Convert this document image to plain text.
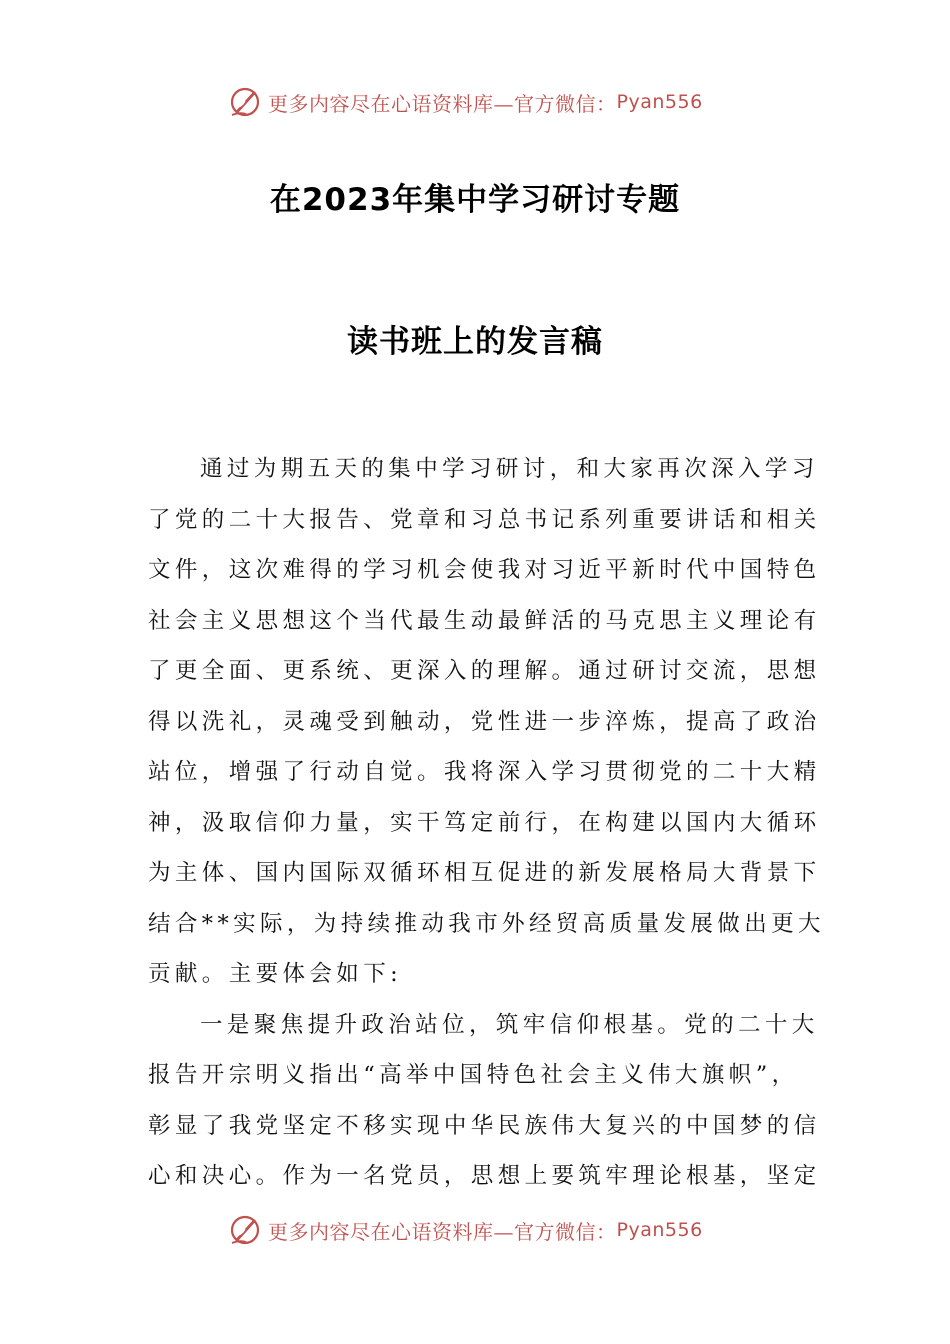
更多内容尽在心语资料库—官方微信： Pyan556
在2023年集中学习研讨专题
读书班上的发言稿
通过为期五天的集中学习研讨，和大家再次深入学习
了党的二十大报告、党章和习总书记系列重要讲话和相关
文件，这次难得的学习机会使我对习近平新时代中国特色
社会主义思想这个当代最生动最鲜活的马克思主义理论有
了更全面、更系统、更深入的理解。通过研讨交流，思想
得以洗礼，灵魂受到触动，党性进一步淬炼，提高了政治
站位，增强了行动自觉。我将深入学习贯彻党的二十大精
神，汲取信仰力量，实干笃定前行，在构建以国内大循环
为主体、国内国际双循环相互促进的新发展格局大背景下
结合**实际，为持续推动我市外经贸高质量发展做出更大
贡献。主要体会如下:
一是聚焦提升政治站位，筑牢信仰根基。党的二十大
报告开宗明义指出“高举中国特色社会主义伟大旗帜”，
彰显了我党坚定不移实现中华民族伟大复兴的中国梦的信
心和决心。作为一名党员，思想上要筑牢理论根基，坚定
更多内容尽在心语资料库—官方微信： Pyan556
